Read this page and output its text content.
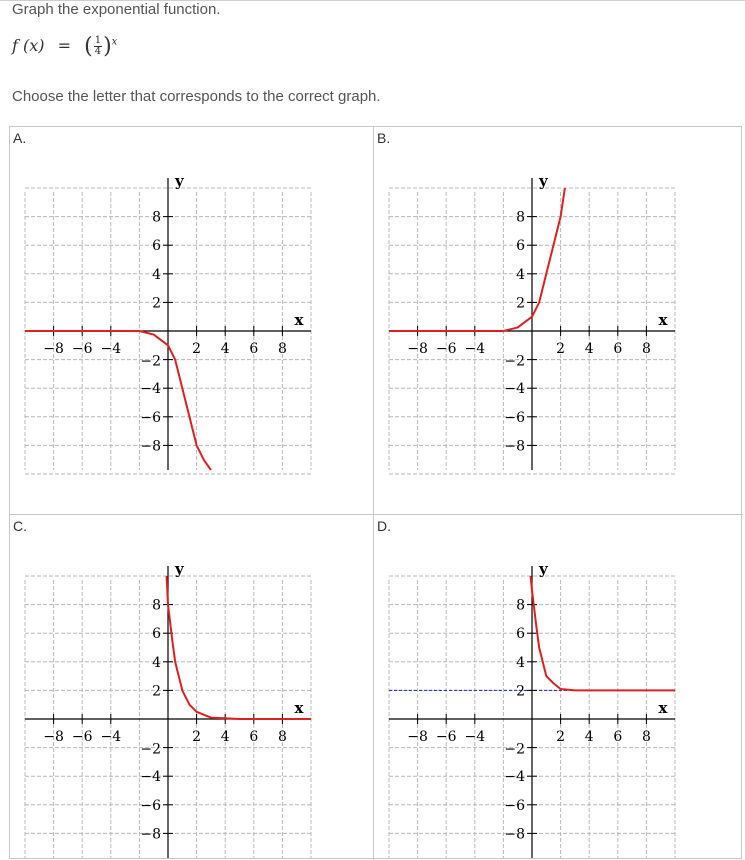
Graph the exponential function.
f (x) = ( $\frac{1}{4} )^x$
Choose the letter that corresponds to the correct graph.
A.
−8 −6 −4	2 4 6 8
8
6
4
2
−2
−4
−6
−8
x
y
B.
−8 −6 −4	2 4 6 8
8
6
4
2
−2
−4
−6
−8
x
y
C.
−8 −6 −4	2 4 6 8
8
6
4
2
−2
−4
−6
−8
x
y
D.
−8 −6 −4	2 4 6 8
8
6
4
2
−2
−4
−6
−8
x
y
